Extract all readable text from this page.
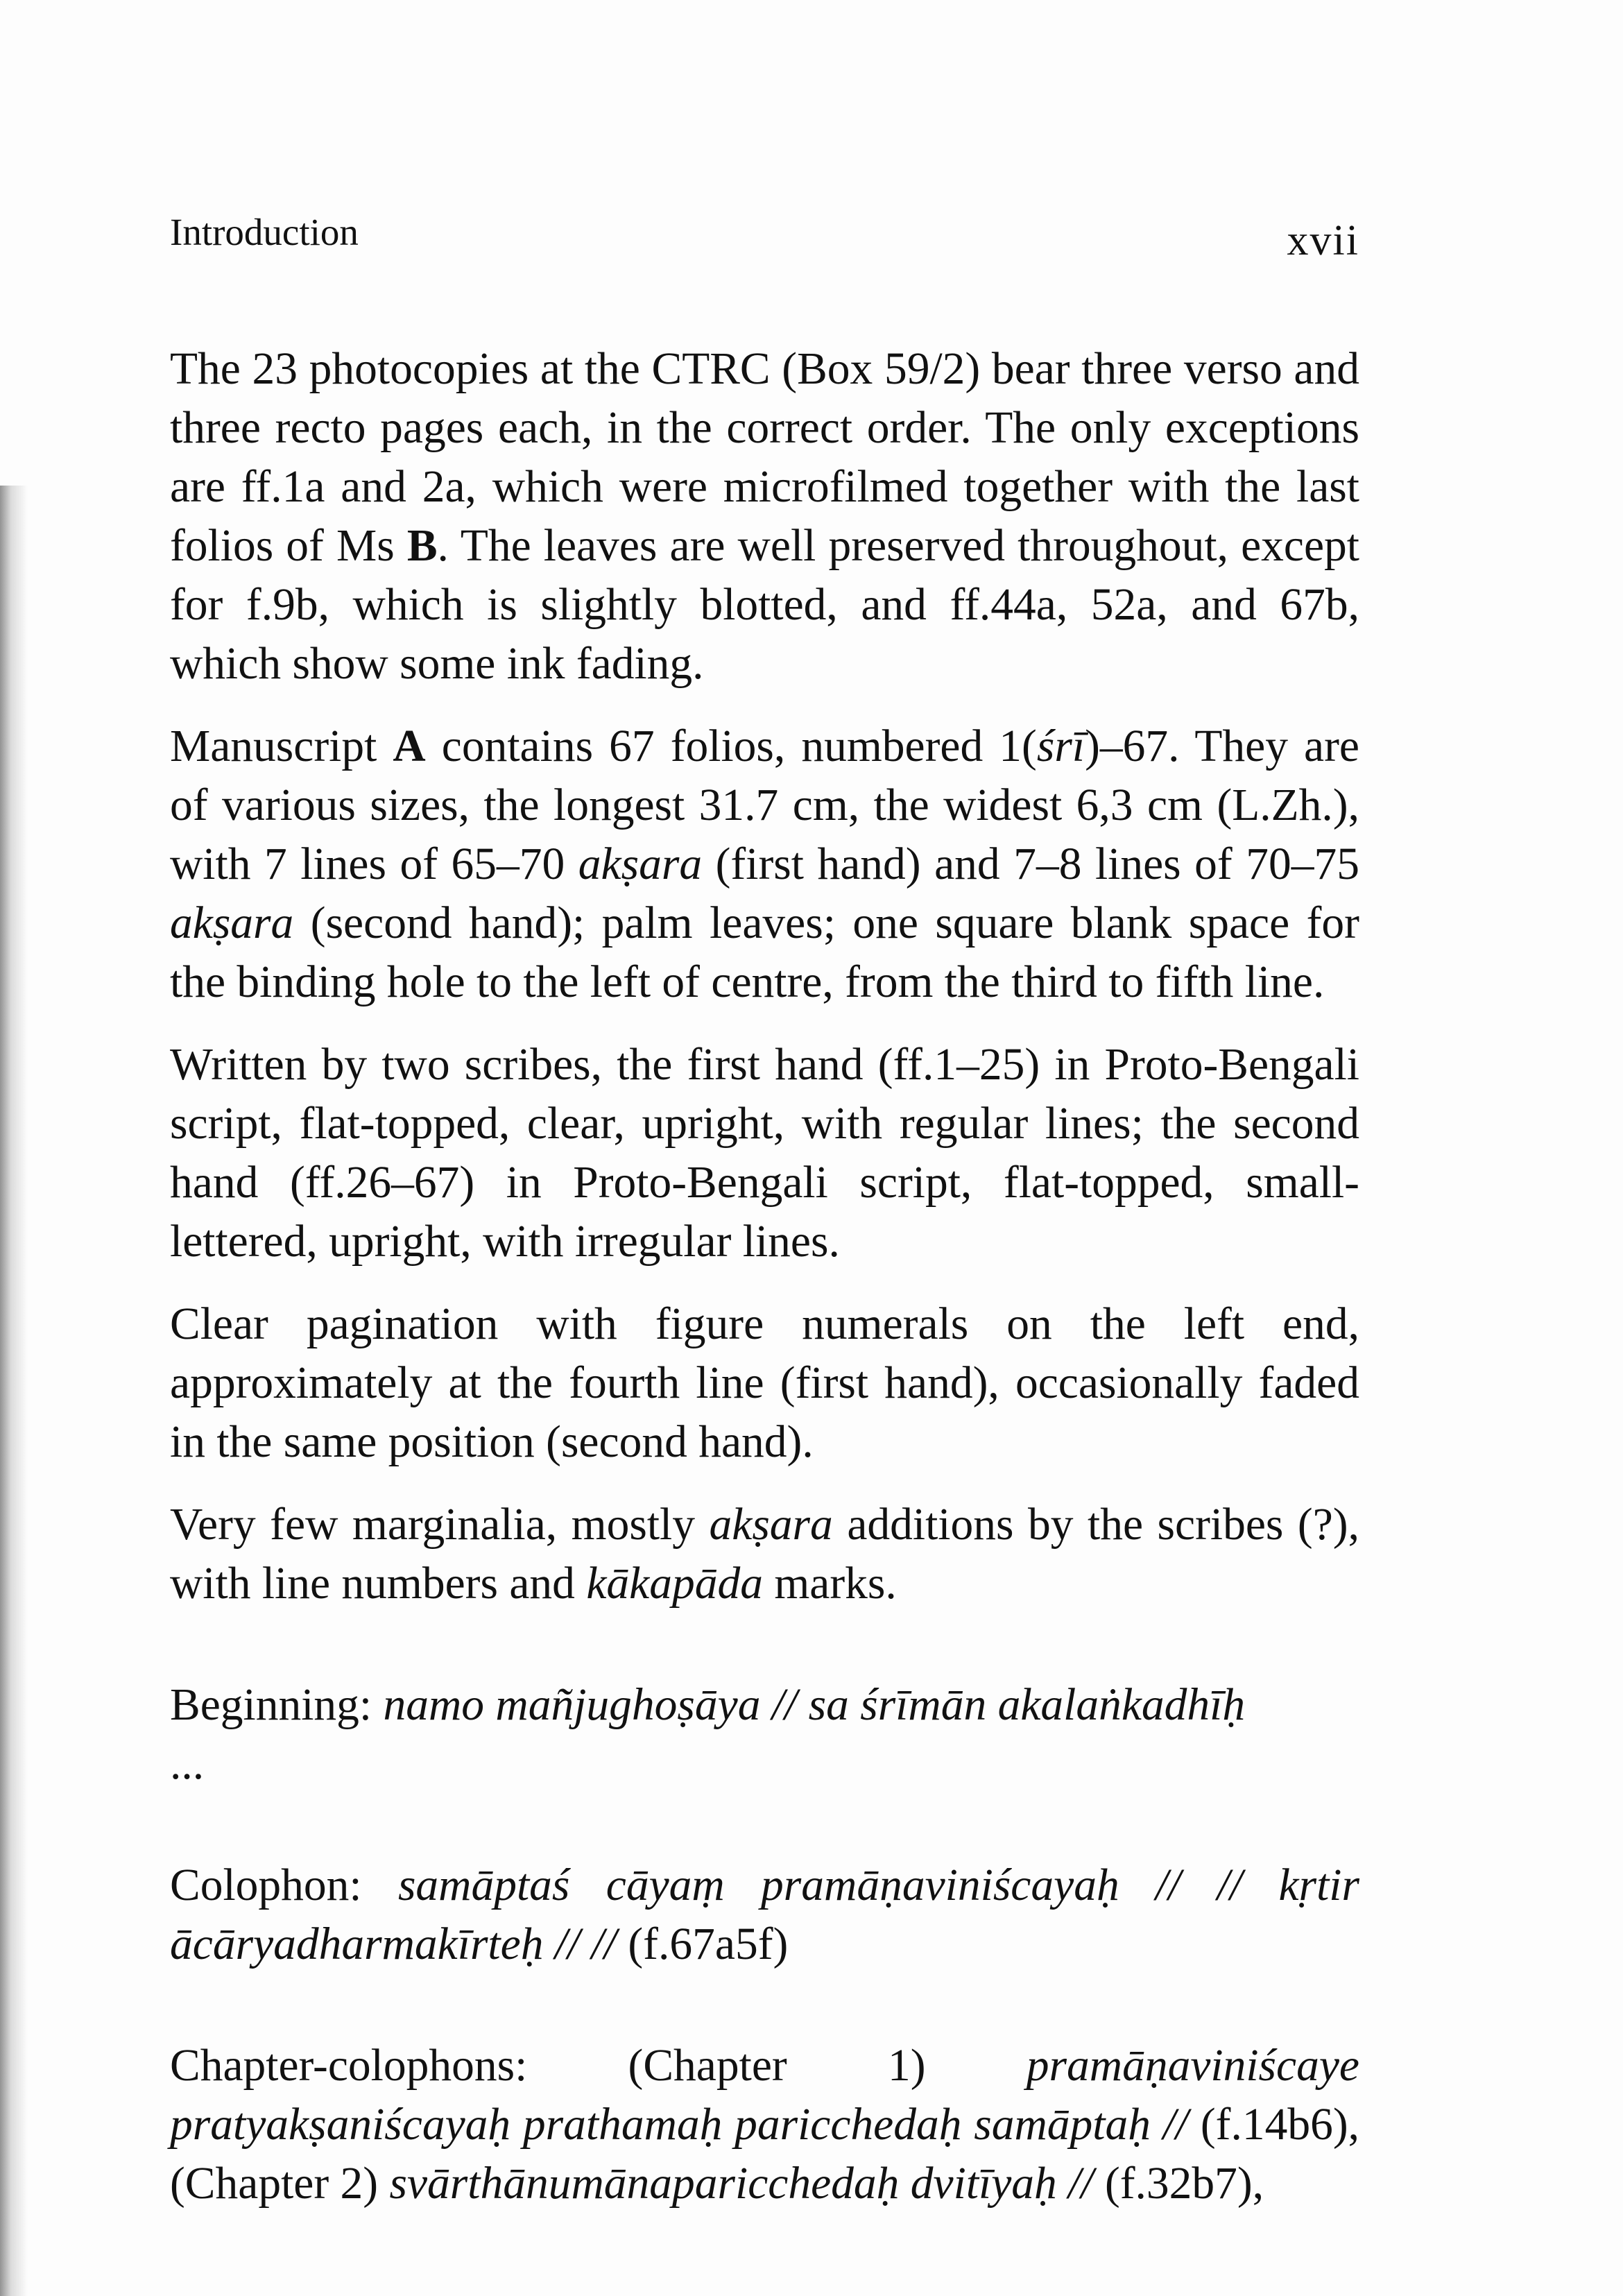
Introduction	xvii

The 23 photocopies at the CTRC (Box 59/2) bear three verso and three recto pages each, in the correct order. The only exceptions are ff.1a and 2a, which were microfilmed together with the last folios of Ms B. The leaves are well preserved throughout, except for f.9b, which is slightly blotted, and ff.44a, 52a, and 67b, which show some ink fading.

Manuscript A contains 67 folios, numbered 1(śrī)–67. They are of various sizes, the longest 31.7 cm, the widest 6,3 cm (L.Zh.), with 7 lines of 65–70 akṣara (first hand) and 7–8 lines of 70–75 akṣara (second hand); palm leaves; one square blank space for the binding hole to the left of centre, from the third to fifth line.

Written by two scribes, the first hand (ff.1–25) in Proto-Bengali script, flat-topped, clear, upright, with regular lines; the second hand (ff.26–67) in Proto-Bengali script, flat-topped, small-lettered, upright, with irregular lines.

Clear pagination with figure numerals on the left end, approximately at the fourth line (first hand), occasionally faded in the same position (second hand).

Very few marginalia, mostly akṣara additions by the scribes (?), with line numbers and kākapāda marks.

Beginning: namo mañjughoṣāya // sa śrīmān akalaṅkadhīḥ
...

Colophon: samāptaś cāyaṃ pramāṇaviniścayaḥ // // kṛtir ācāryadharmakīrteḥ // // (f.67a5f)

Chapter-colophons: (Chapter 1) pramāṇaviniścaye pratyakṣaniścayaḥ prathamaḥ paricchedaḥ samāptaḥ // (f.14b6), (Chapter 2) svārthānumānaparicchedaḥ dvitīyaḥ // (f.32b7),
